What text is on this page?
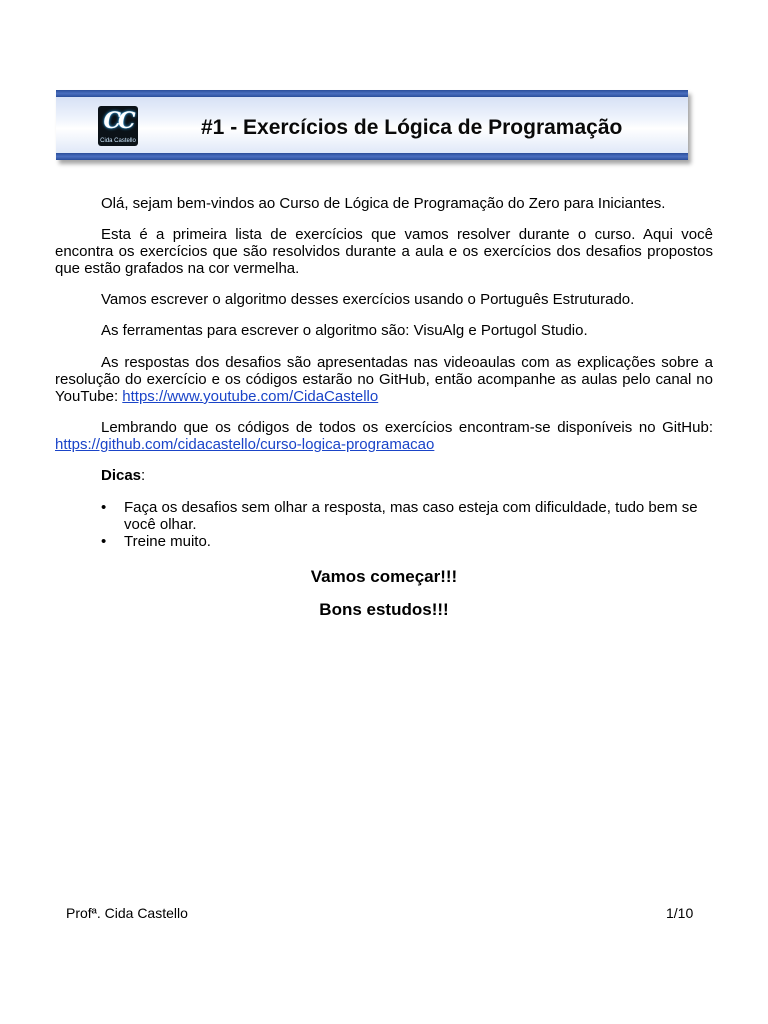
CC
Cida Castello
#1 - Exercícios de Lógica de Programação

Olá, sejam bem-vindos ao Curso de Lógica de Programação do Zero para Iniciantes.

Esta é a primeira lista de exercícios que vamos resolver durante o curso. Aqui você encontra os exercícios que são resolvidos durante a aula e os exercícios dos desafios propostos que estão grafados na cor vermelha.

Vamos escrever o algoritmo desses exercícios usando o Português Estruturado.

As ferramentas para escrever o algoritmo são: VisuAlg e Portugol Studio.

As respostas dos desafios são apresentadas nas videoaulas com as explicações sobre a resolução do exercício e os códigos estarão no GitHub, então acompanhe as aulas pelo canal no YouTube: https://www.youtube.com/CidaCastello

Lembrando que os códigos de todos os exercícios encontram-se disponíveis no GitHub: https://github.com/cidacastello/curso-logica-programacao

Dicas:

• Faça os desafios sem olhar a resposta, mas caso esteja com dificuldade, tudo bem se você olhar.
• Treine muito.
Vamos começar!!!
Bons estudos!!!
Profª. Cida Castello	1/10
